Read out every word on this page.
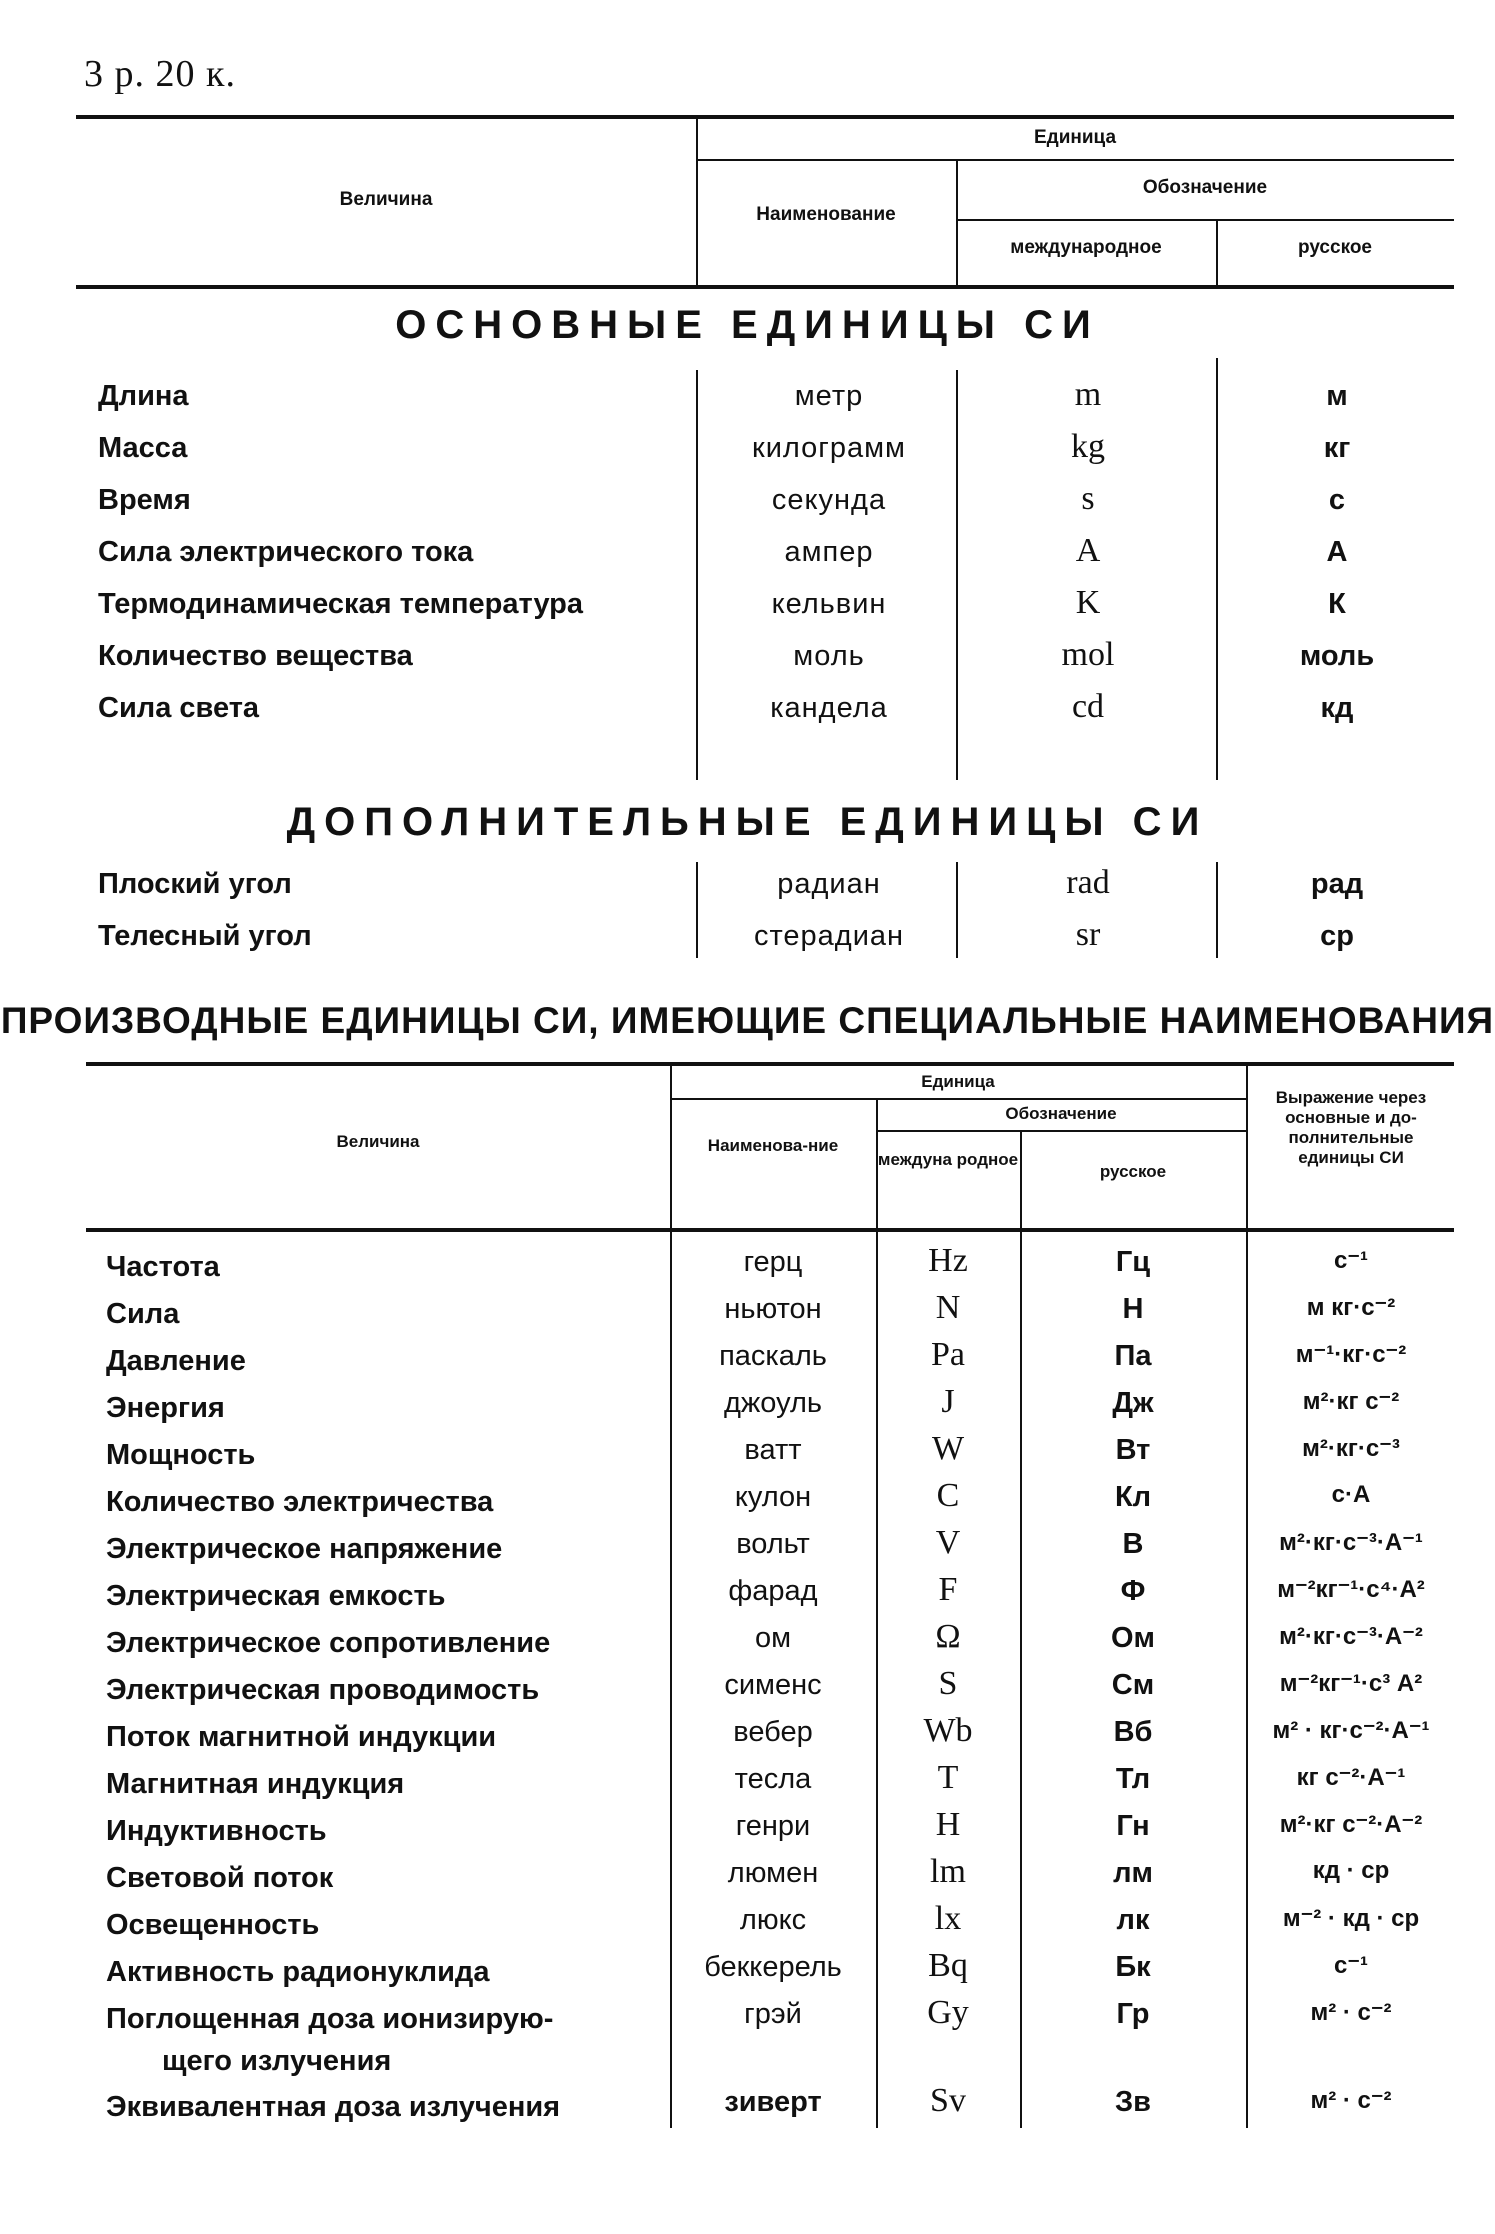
3 р. 20 к.
Величина
Единица
Наименование
Обозначение
международное	русское
ОСНОВНЫЕ ЕДИНИЦЫ СИ
Длина	метр	m	м
Масса	килограмм	kg	кг
Время	секунда	s	с
Сила электрического тока	ампер	A	А
Термодинамическая температура	кельвин	K	К
Количество вещества	моль	mol	моль
Сила света	кандела	cd	кд
ДОПОЛНИТЕЛЬНЫЕ ЕДИНИЦЫ СИ
Плоский угол	радиан	rad	рад
Телесный угол	стерадиан	sr	ср
ПРОИЗВОДНЫЕ ЕДИНИЦЫ СИ, ИМЕЮЩИЕ СПЕЦИАЛЬНЫЕ НАИМЕНОВАНИЯ
Величина
Единица
Наименова-ние
Обозначение
междуна родное
русское
Выражение через основные и до-полнительные единицы СИ
Частота	герц	Hz	Гц	с⁻¹
Сила	ньютон	N	Н	м кг·с⁻²
Давление	паскаль	Pa	Па	м⁻¹·кг·с⁻²
Энергия	джоуль	J	Дж	м²·кг с⁻²
Мощность	ватт	W	Вт	м²·кг·с⁻³
Количество электричества	кулон	C	Кл	с·А
Электрическое напряжение	вольт	V	В	м²·кг·с⁻³·А⁻¹
Электрическая емкость	фарад	F	Ф	м⁻²кг⁻¹·с⁴·А²
Электрическое сопротивление	ом	Ω	Ом	м²·кг·с⁻³·А⁻²
Электрическая проводимость	сименс	S	См	м⁻²кг⁻¹·с³ А²
Поток магнитной индукции	вебер	Wb	Вб	м² · кг·с⁻²·А⁻¹
Магнитная индукция	тесла	T	Тл	кг с⁻²·А⁻¹
Индуктивность	генри	H	Гн	м²·кг с⁻²·А⁻²
Световой поток	люмен	lm	лм	кд · ср
Освещенность	люкс	lx	лк	м⁻² · кд · ср
Активность радионуклида	беккерель	Bq	Бк	с⁻¹
Поглощенная доза ионизирую-
щего излучения
грэй	Gy	Гр	м² · с⁻²
Эквивалентная доза излучения	зиверт	Sv	Зв	м² · с⁻²
